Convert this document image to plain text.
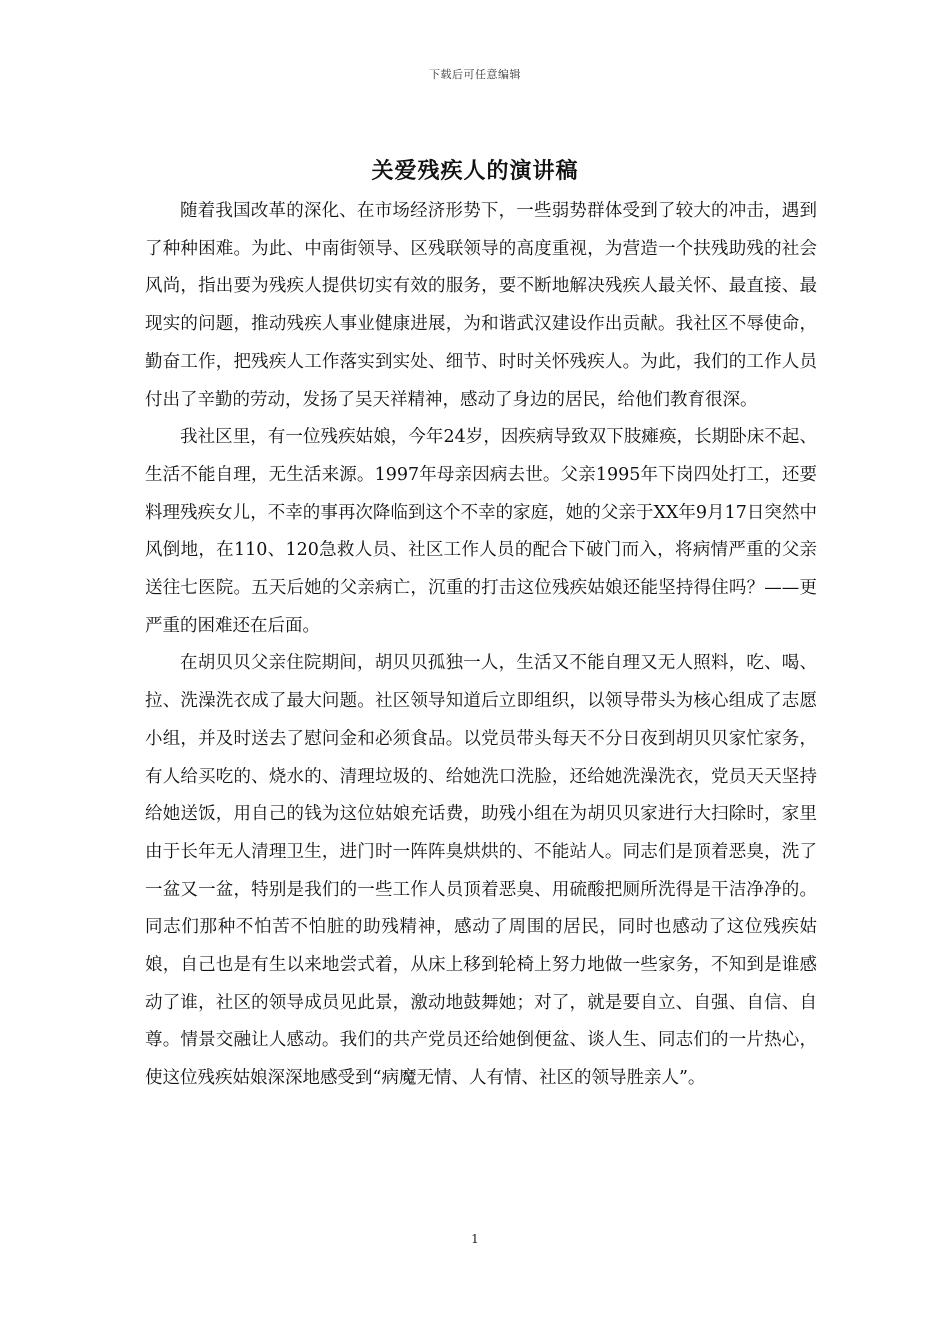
下载后可任意编辑
关爱残疾人的演讲稿

随着我国改革的深化、在市场经济形势下，一些弱势群体受到了较大的冲击，遇到了种种困难。为此、中南街领导、区残联领导的高度重视，为营造一个扶残助残的社会风尚，指出要为残疾人提供切实有效的服务，要不断地解决残疾人最关怀、最直接、最现实的问题，推动残疾人事业健康进展，为和谐武汉建设作出贡献。我社区不辱使命，勤奋工作，把残疾人工作落实到实处、细节、时时关怀残疾人。为此，我们的工作人员付出了辛勤的劳动，发扬了吴天祥精神，感动了身边的居民，给他们教育很深。

我社区里，有一位残疾姑娘，今年24岁，因疾病导致双下肢瘫痪，长期卧床不起、生活不能自理，无生活来源。1997年母亲因病去世。父亲1995年下岗四处打工，还要料理残疾女儿，不幸的事再次降临到这个不幸的家庭，她的父亲于XX年9月17日突然中风倒地，在110、120急救人员、社区工作人员的配合下破门而入，将病情严重的父亲送往七医院。五天后她的父亲病亡，沉重的打击这位残疾姑娘还能坚持得住吗？——更严重的困难还在后面。

在胡贝贝父亲住院期间，胡贝贝孤独一人，生活又不能自理又无人照料，吃、喝、拉、洗澡洗衣成了最大问题。社区领导知道后立即组织，以领导带头为核心组成了志愿小组，并及时送去了慰问金和必须食品。以党员带头每天不分日夜到胡贝贝家忙家务，有人给买吃的、烧水的、清理垃圾的、给她洗口洗脸，还给她洗澡洗衣，党员天天坚持给她送饭，用自己的钱为这位姑娘充话费，助残小组在为胡贝贝家进行大扫除时，家里由于长年无人清理卫生，进门时一阵阵臭烘烘的、不能站人。同志们是顶着恶臭，洗了一盆又一盆，特别是我们的一些工作人员顶着恶臭、用硫酸把厕所洗得是干洁净净的。同志们那种不怕苦不怕脏的助残精神，感动了周围的居民，同时也感动了这位残疾姑娘，自己也是有生以来地尝式着，从床上移到轮椅上努力地做一些家务，不知到是谁感动了谁，社区的领导成员见此景，激动地鼓舞她；对了，就是要自立、自强、自信、自尊。情景交融让人感动。我们的共产党员还给她倒便盆、谈人生、同志们的一片热心，使这位残疾姑娘深深地感受到“病魔无情、人有情、社区的领导胜亲人”。

1
